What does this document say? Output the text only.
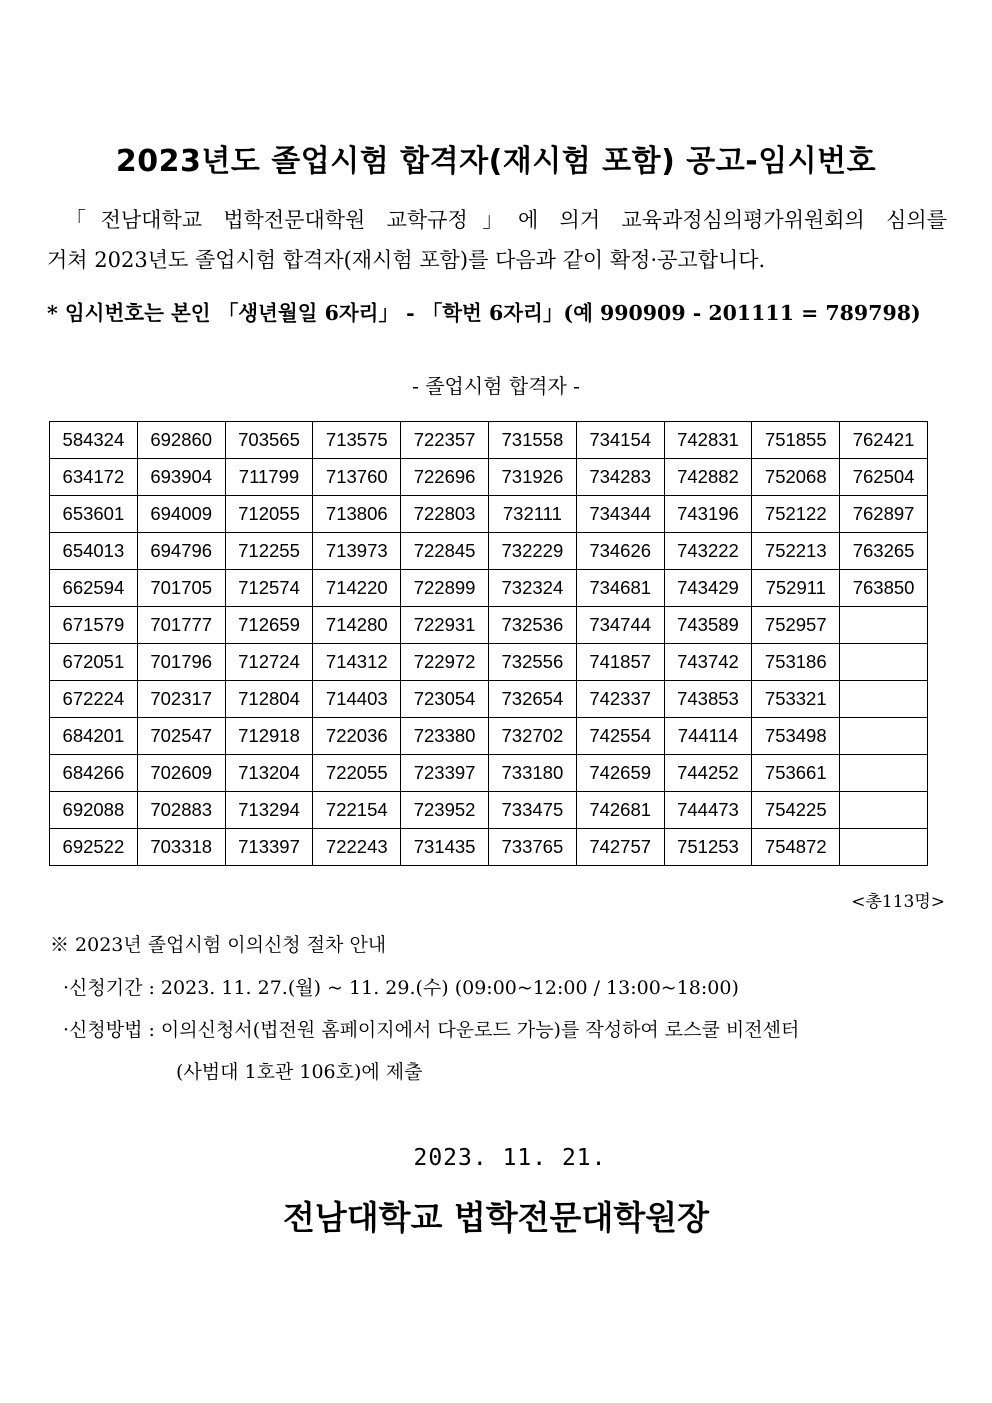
2023년도 졸업시험 합격자(재시험 포함) 공고-임시번호
「전남대학교 법학전문대학원 교학규정」에 의거 교육과정심의평가위원회의 심의를
거쳐 2023년도 졸업시험 합격자(재시험 포함)를 다음과 같이 확정·공고합니다.
* 임시번호는 본인 「생년월일 6자리」 - 「학번 6자리」(예 990909 - 201111 = 789798)
- 졸업시험 합격자 -
584324	692860	703565	713575	722357	731558	734154	742831	751855	762421
634172	693904	711799	713760	722696	731926	734283	742882	752068	762504
653601	694009	712055	713806	722803	732111	734344	743196	752122	762897
654013	694796	712255	713973	722845	732229	734626	743222	752213	763265
662594	701705	712574	714220	722899	732324	734681	743429	752911	763850
671579	701777	712659	714280	722931	732536	734744	743589	752957	
672051	701796	712724	714312	722972	732556	741857	743742	753186	
672224	702317	712804	714403	723054	732654	742337	743853	753321	
684201	702547	712918	722036	723380	732702	742554	744114	753498	
684266	702609	713204	722055	723397	733180	742659	744252	753661	
692088	702883	713294	722154	723952	733475	742681	744473	754225	
692522	703318	713397	722243	731435	733765	742757	751253	754872	
<총113명>
※ 2023년 졸업시험 이의신청 절차 안내
·신청기간 : 2023. 11. 27.(월) ~ 11. 29.(수) (09:00~12:00 / 13:00~18:00)
·신청방법 : 이의신청서(법전원 홈페이지에서 다운로드 가능)를 작성하여 로스쿨 비전센터
(사범대 1호관 106호)에 제출
2023. 11. 21.
전남대학교 법학전문대학원장
